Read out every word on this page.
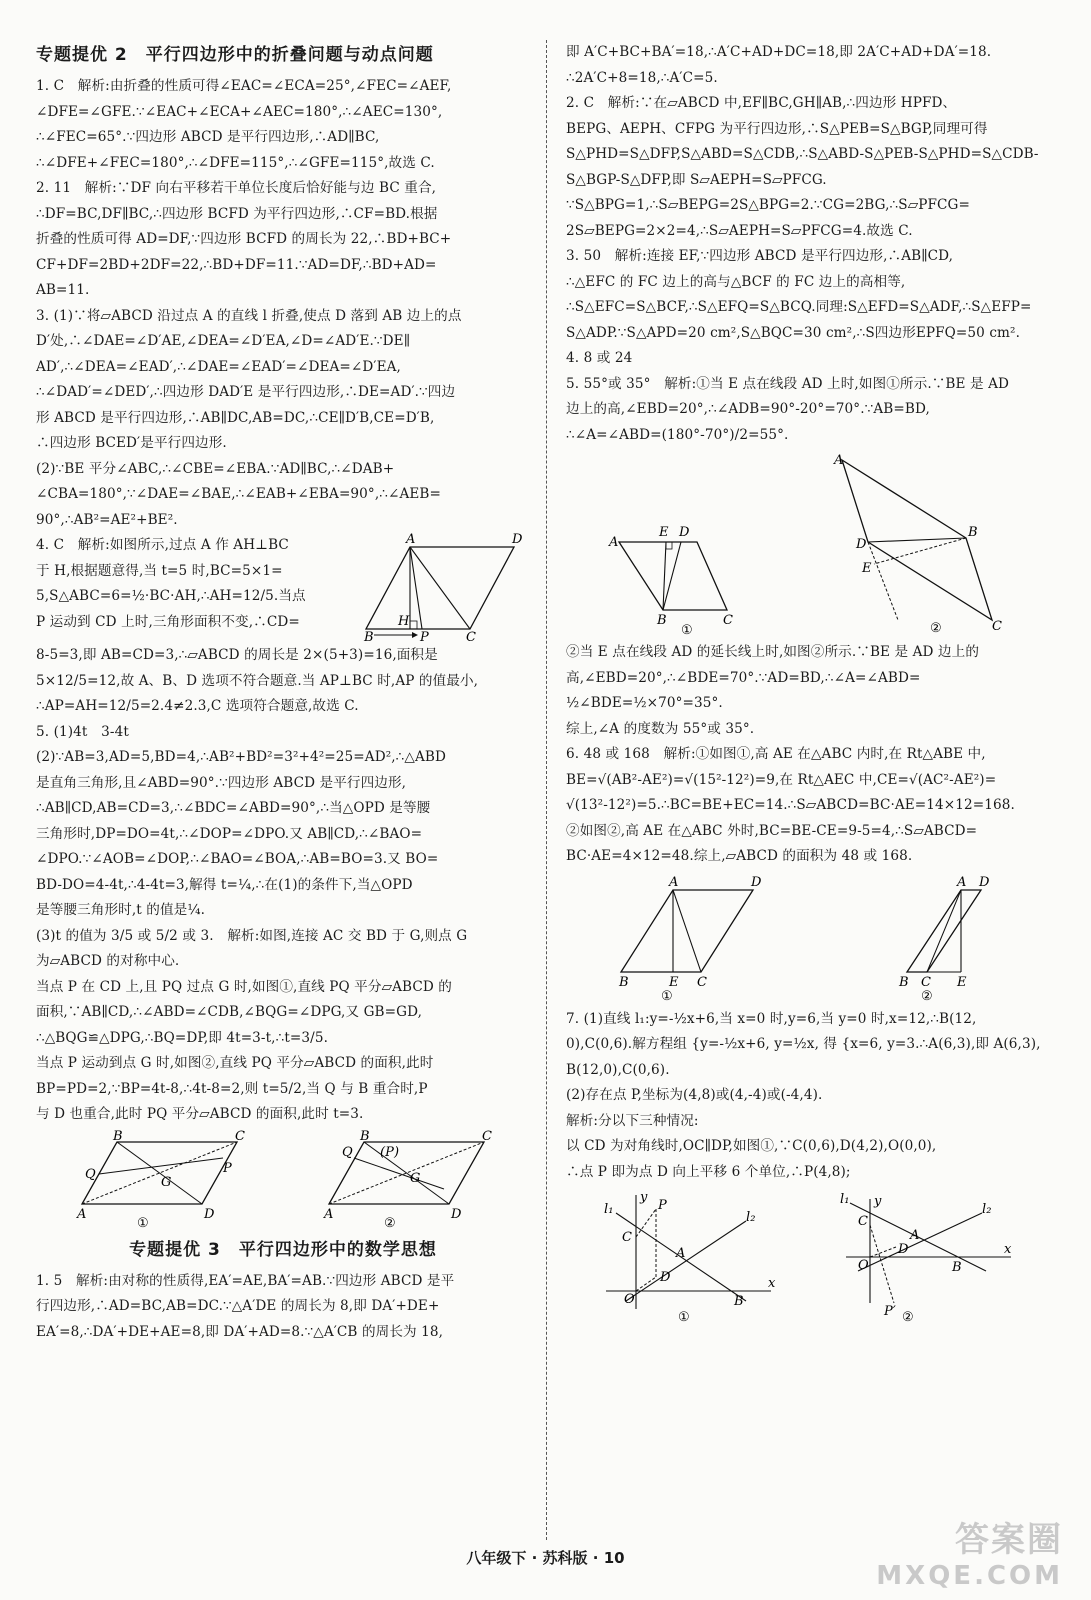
专题提优 2　平行四边形中的折叠问题与动点问题
1. C　解析:由折叠的性质可得∠EAC=∠ECA=25°,∠FEC=∠AEF,
∠DFE=∠GFE.∵∠EAC+∠ECA+∠AEC=180°,∴∠AEC=130°,
∴∠FEC=65°.∵四边形 ABCD 是平行四边形,∴AD∥BC,
∴∠DFE+∠FEC=180°,∴∠DFE=115°,∴∠GFE=115°,故选 C.
2. 11　解析:∵DF 向右平移若干单位长度后恰好能与边 BC 重合,
∴DF=BC,DF∥BC,∴四边形 BCFD 为平行四边形,∴CF=BD.根据
折叠的性质可得 AD=DF,∵四边形 BCFD 的周长为 22,∴BD+BC+
CF+DF=2BD+2DF=22,∴BD+DF=11.∵AD=DF,∴BD+AD=
AB=11.
3. (1)∵将▱ABCD 沿过点 A 的直线 l 折叠,使点 D 落到 AB 边上的点
D′处,∴∠DAE=∠D′AE,∠DEA=∠D′EA,∠D=∠AD′E.∵DE∥
AD′,∴∠DEA=∠EAD′,∴∠DAE=∠EAD′=∠DEA=∠D′EA,
∴∠DAD′=∠DED′,∴四边形 DAD′E 是平行四边形,∴DE=AD′.∵四边
形 ABCD 是平行四边形,∴AB∥DC,AB=DC,∴CE∥D′B,CE=D′B,
∴四边形 BCED′是平行四边形.
(2)∵BE 平分∠ABC,∴∠CBE=∠EBA.∵AD∥BC,∴∠DAB+
∠CBA=180°,∵∠DAE=∠BAE,∴∠EAB+∠EBA=90°,∴∠AEB=
90°,∴AB²=AE²+BE².
4. C　解析:如图所示,过点 A 作 AH⊥BC
于 H,根据题意得,当 t=5 时,BC=5×1=
5,S△ABC=6=½·BC·AH,∴AH=12/5.当点
P 运动到 CD 上时,三角形面积不变,∴CD=
A	D
B	C
H
P
8-5=3,即 AB=CD=3,∴▱ABCD 的周长是 2×(5+3)=16,面积是
5×12/5=12,故 A、B、D 选项不符合题意.当 AP⊥BC 时,AP 的值最小,
∴AP=AH=12/5=2.4≠2.3,C 选项符合题意,故选 C.
5. (1)4t　3-4t
(2)∵AB=3,AD=5,BD=4,∴AB²+BD²=3²+4²=25=AD²,∴△ABD
是直角三角形,且∠ABD=90°.∵四边形 ABCD 是平行四边形,
∴AB∥CD,AB=CD=3,∴∠BDC=∠ABD=90°,∴当△OPD 是等腰
三角形时,DP=DO=4t,∴∠DOP=∠DPO.又 AB∥CD,∴∠BAO=
∠DPO.∵∠AOB=∠DOP,∴∠BAO=∠BOA,∴AB=BO=3.又 BO=
BD-DO=4-4t,∴4-4t=3,解得 t=¼,∴在(1)的条件下,当△OPD
是等腰三角形时,t 的值是¼.
(3)t 的值为 3/5 或 5/2 或 3.　解析:如图,连接 AC 交 BD 于 G,则点 G
为▱ABCD 的对称中心.
当点 P 在 CD 上,且 PQ 过点 G 时,如图①,直线 PQ 平分▱ABCD 的
面积,∵AB∥CD,∴∠ABD=∠CDB,∠BQG=∠DPG,又 GB=GD,
∴△BQG≌△DPG,∴BQ=DP,即 4t=3-t,∴t=3/5.
当点 P 运动到点 G 时,如图②,直线 PQ 平分▱ABCD 的面积,此时
BP=PD=2,∵BP=4t-8,∴4t-8=2,则 t=5/2,当 Q 与 B 重合时,P
与 D 也重合,此时 PQ 平分▱ABCD 的面积,此时 t=3.
B	C
A	D
Q
G
P
①
B	C
A	D
Q
G
(P)
②
专题提优 3　平行四边形中的数学思想
1. 5　解析:由对称的性质得,EA′=AE,BA′=AB.∵四边形 ABCD 是平
行四边形,∴AD=BC,AB=DC.∵△A′DE 的周长为 8,即 DA′+DE+
EA′=8,∴DA′+DE+AE=8,即 DA′+AD=8.∵△A′CB 的周长为 18,
即 A′C+BC+BA′=18,∴A′C+AD+DC=18,即 2A′C+AD+DA′=18.
∴2A′C+8=18,∴A′C=5.
2. C　解析:∵在▱ABCD 中,EF∥BC,GH∥AB,∴四边形 HPFD、
BEPG、AEPH、CFPG 为平行四边形,∴S△PEB=S△BGP,同理可得
S△PHD=S△DFP,S△ABD=S△CDB,∴S△ABD-S△PEB-S△PHD=S△CDB-
S△BGP-S△DFP,即 S▱AEPH=S▱PFCG.
∵S△BPG=1,∴S▱BEPG=2S△BPG=2.∵CG=2BG,∴S▱PFCG=
2S▱BEPG=2×2=4,∴S▱AEPH=S▱PFCG=4.故选 C.
3. 50　解析:连接 EF,∵四边形 ABCD 是平行四边形,∴AB∥CD,
∴△EFC 的 FC 边上的高与△BCF 的 FC 边上的高相等,
∴S△EFC=S△BCF,∴S△EFQ=S△BCQ.同理:S△EFD=S△ADF,∴S△EFP=
S△ADP.∵S△APD=20 cm²,S△BQC=30 cm²,∴S四边形EPFQ=50 cm².
4. 8 或 24
5. 55°或 35°　解析:①当 E 点在线段 AD 上时,如图①所示.∵BE 是 AD
边上的高,∠EBD=20°,∴∠ADB=90°-20°=70°.∵AB=BD,
∴∠A=∠ABD=(180°-70°)/2=55°.
A
E D
B	C
①
A
B
D
E
C
②
②当 E 点在线段 AD 的延长线上时,如图②所示.∵BE 是 AD 边上的
高,∠EBD=20°,∴∠BDE=70°.∵AD=BD,∴∠A=∠ABD=
½∠BDE=½×70°=35°.
综上,∠A 的度数为 55°或 35°.
6. 48 或 168　解析:①如图①,高 AE 在△ABC 内时,在 Rt△ABE 中,
BE=√(AB²-AE²)=√(15²-12²)=9,在 Rt△AEC 中,CE=√(AC²-AE²)=
√(13²-12²)=5.∴BC=BE+EC=14.∴S▱ABCD=BC·AE=14×12=168.
②如图②,高 AE 在△ABC 外时,BC=BE-CE=9-5=4,∴S▱ABCD=
BC·AE=4×12=48.综上,▱ABCD 的面积为 48 或 168.
A	D
B	E C
①
A D
B C E
②
7. (1)直线 l₁:y=-½x+6,当 x=0 时,y=6,当 y=0 时,x=12,∴B(12,
0),C(0,6).解方程组 {y=-½x+6, y=½x, 得 {x=6, y=3.∴A(6,3),即 A(6,3),
B(12,0),C(0,6).
(2)存在点 P,坐标为(4,8)或(4,-4)或(-4,4).
解析:分以下三种情况:
以 CD 为对角线时,OC∥DP,如图①,∵C(0,6),D(4,2),O(0,0),
∴点 P 即为点 D 向上平移 6 个单位,∴P(4,8);
y
x
P
C
A
D
O	B
l₁
l₂
①
y
x
C
A
D
O	B
l₁
l₂
P′ ②
八年级下 · 苏科版 · 10	答案圈
MXQE.COM
